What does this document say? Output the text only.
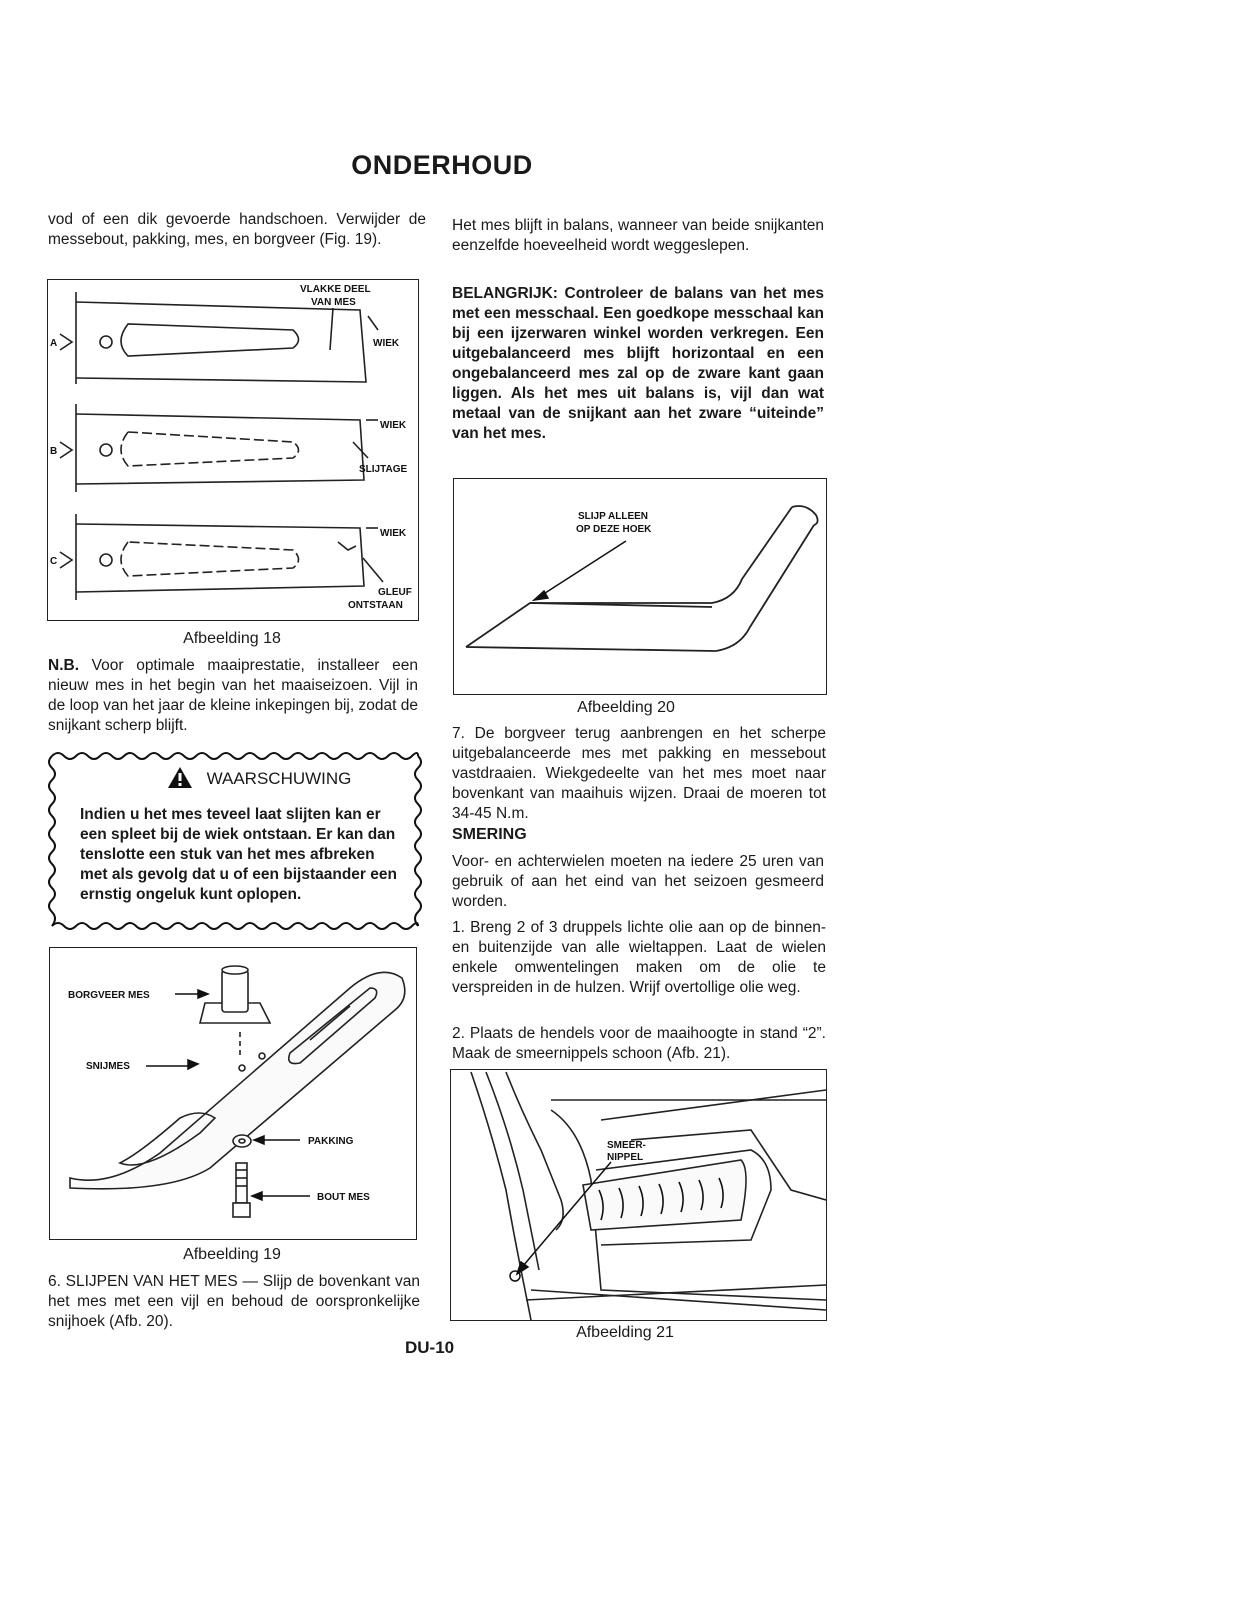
ONDERHOUD

vod of een dik gevoerde handschoen. Verwijder de messebout, pakking, mes, en borgveer (Fig. 19).

VLAKKE DEEL
VAN MES
WIEK
WIEK
SLIJTAGE
WIEK
GLEUF
ONTSTAAN
A
B
C
Afbeelding 18

N.B. Voor optimale maaiprestatie, installeer een nieuw mes in het begin van het maaiseizoen. Vijl in de loop van het jaar de kleine inkepingen bij, zodat de snijkant scherp blijft.

WAARSCHUWING
Indien u het mes teveel laat slijten kan er een spleet bij de wiek ontstaan. Er kan dan tenslotte een stuk van het mes afbreken met als gevolg dat u of een bijstaander een ernstig ongeluk kunt oplopen.
BORGVEER MES
SNIJMES
PAKKING
BOUT MES
Afbeelding 19

6. SLIJPEN VAN HET MES — Slijp de bovenkant van het mes met een vijl en behoud de oorspronkelijke snijhoek (Afb. 20).

Het mes blijft in balans, wanneer van beide snijkanten eenzelfde hoeveelheid wordt weggeslepen.

BELANGRIJK: Controleer de balans van het mes met een messchaal. Een goedkope messchaal kan bij een ijzerwaren winkel worden verkregen. Een uitgebalanceerd mes blijft horizontaal en een ongebalanceerd mes zal op de zware kant gaan liggen. Als het mes uit balans is, vijl dan wat metaal van de snijkant aan het zware “uiteinde” van het mes.

SLIJP ALLEEN
OP DEZE HOEK
Afbeelding 20

7. De borgveer terug aanbrengen en het scherpe uitgebalanceerde mes met pakking en messebout vastdraaien. Wiekgedeelte van het mes moet naar bovenkant van maaihuis wijzen. Draai de moeren tot 34-45 N.m.

SMERING

Voor- en achterwielen moeten na iedere 25 uren van gebruik of aan het eind van het seizoen gesmeerd worden.

1. Breng 2 of 3 druppels lichte olie aan op de binnen- en buitenzijde van alle wieltappen. Laat de wielen enkele omwentelingen maken om de olie te verspreiden in de hulzen. Wrijf overtollige olie weg.

2. Plaats de hendels voor de maaihoogte in stand “2”. Maak de smeernippels schoon (Afb. 21).

SMEER-
NIPPEL
Afbeelding 21
DU-10
